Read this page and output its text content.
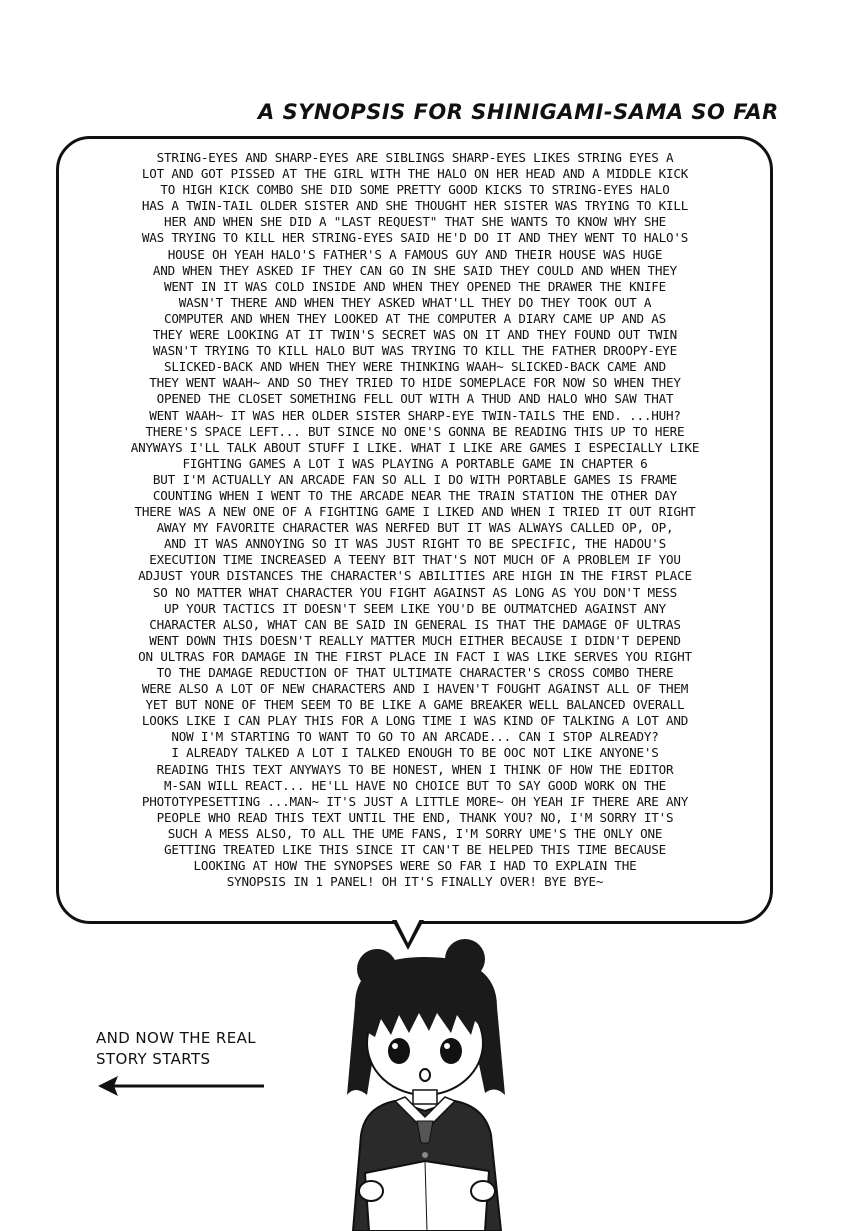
A SYNOPSIS FOR SHINIGAMI-SAMA SO FAR

STRING-EYES AND SHARP-EYES ARE SIBLINGS SHARP-EYES LIKES STRING EYES A
LOT AND GOT PISSED AT THE GIRL WITH THE HALO ON HER HEAD AND A MIDDLE KICK
TO HIGH KICK COMBO SHE DID SOME PRETTY GOOD KICKS TO STRING-EYES HALO
HAS A TWIN-TAIL OLDER SISTER AND SHE THOUGHT HER SISTER WAS TRYING TO KILL
HER AND WHEN SHE DID A "LAST REQUEST" THAT SHE WANTS TO KNOW WHY SHE
WAS TRYING TO KILL HER STRING-EYES SAID HE'D DO IT AND THEY WENT TO HALO'S
HOUSE OH YEAH HALO'S FATHER'S A FAMOUS GUY AND THEIR HOUSE WAS HUGE
AND WHEN THEY ASKED IF THEY CAN GO IN SHE SAID THEY COULD AND WHEN THEY
WENT IN IT WAS COLD INSIDE AND WHEN THEY OPENED THE DRAWER THE KNIFE
WASN'T THERE AND WHEN THEY ASKED WHAT'LL THEY DO THEY TOOK OUT A
COMPUTER AND WHEN THEY LOOKED AT THE COMPUTER A DIARY CAME UP AND AS
THEY WERE LOOKING AT IT TWIN'S SECRET WAS ON IT AND THEY FOUND OUT TWIN
WASN'T TRYING TO KILL HALO BUT WAS TRYING TO KILL THE FATHER DROOPY-EYE
SLICKED-BACK AND WHEN THEY WERE THINKING WAAH~ SLICKED-BACK CAME AND
THEY WENT WAAH~ AND SO THEY TRIED TO HIDE SOMEPLACE FOR NOW SO WHEN THEY
OPENED THE CLOSET SOMETHING FELL OUT WITH A THUD AND HALO WHO SAW THAT
WENT WAAH~ IT WAS HER OLDER SISTER SHARP-EYE TWIN-TAILS THE END. ...HUH?
THERE'S SPACE LEFT... BUT SINCE NO ONE'S GONNA BE READING THIS UP TO HERE
ANYWAYS I'LL TALK ABOUT STUFF I LIKE. WHAT I LIKE ARE GAMES I ESPECIALLY LIKE
FIGHTING GAMES A LOT I WAS PLAYING A PORTABLE GAME IN CHAPTER 6
BUT I'M ACTUALLY AN ARCADE FAN SO ALL I DO WITH PORTABLE GAMES IS FRAME
COUNTING WHEN I WENT TO THE ARCADE NEAR THE TRAIN STATION THE OTHER DAY
THERE WAS A NEW ONE OF A FIGHTING GAME I LIKED AND WHEN I TRIED IT OUT RIGHT
AWAY MY FAVORITE CHARACTER WAS NERFED BUT IT WAS ALWAYS CALLED OP, OP,
AND IT WAS ANNOYING SO IT WAS JUST RIGHT TO BE SPECIFIC, THE HADOU'S
EXECUTION TIME INCREASED A TEENY BIT THAT'S NOT MUCH OF A PROBLEM IF YOU
ADJUST YOUR DISTANCES THE CHARACTER'S ABILITIES ARE HIGH IN THE FIRST PLACE
SO NO MATTER WHAT CHARACTER YOU FIGHT AGAINST AS LONG AS YOU DON'T MESS
UP YOUR TACTICS IT DOESN'T SEEM LIKE YOU'D BE OUTMATCHED AGAINST ANY
CHARACTER ALSO, WHAT CAN BE SAID IN GENERAL IS THAT THE DAMAGE OF ULTRAS
WENT DOWN THIS DOESN'T REALLY MATTER MUCH EITHER BECAUSE I DIDN'T DEPEND
ON ULTRAS FOR DAMAGE IN THE FIRST PLACE IN FACT I WAS LIKE SERVES YOU RIGHT
TO THE DAMAGE REDUCTION OF THAT ULTIMATE CHARACTER'S CROSS COMBO THERE
WERE ALSO A LOT OF NEW CHARACTERS AND I HAVEN'T FOUGHT AGAINST ALL OF THEM
YET BUT NONE OF THEM SEEM TO BE LIKE A GAME BREAKER WELL BALANCED OVERALL
LOOKS LIKE I CAN PLAY THIS FOR A LONG TIME I WAS KIND OF TALKING A LOT AND
NOW I'M STARTING TO WANT TO GO TO AN ARCADE... CAN I STOP ALREADY?
I ALREADY TALKED A LOT I TALKED ENOUGH TO BE OOC NOT LIKE ANYONE'S
READING THIS TEXT ANYWAYS TO BE HONEST, WHEN I THINK OF HOW THE EDITOR
M-SAN WILL REACT... HE'LL HAVE NO CHOICE BUT TO SAY GOOD WORK ON THE
PHOTOTYPESETTING ...MAN~ IT'S JUST A LITTLE MORE~ OH YEAH IF THERE ARE ANY
PEOPLE WHO READ THIS TEXT UNTIL THE END, THANK YOU? NO, I'M SORRY IT'S
SUCH A MESS ALSO, TO ALL THE UME FANS, I'M SORRY UME'S THE ONLY ONE
GETTING TREATED LIKE THIS SINCE IT CAN'T BE HELPED THIS TIME BECAUSE
LOOKING AT HOW THE SYNOPSES WERE SO FAR I HAD TO EXPLAIN THE
SYNOPSIS IN 1 PANEL! OH IT'S FINALLY OVER! BYE BYE~

AND NOW THE REAL
STORY STARTS
